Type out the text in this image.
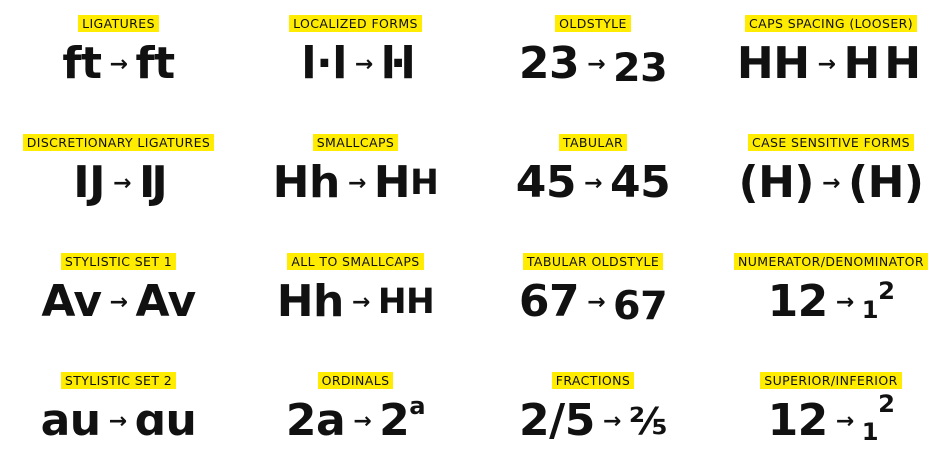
LIGATURES
ft → ft
LOCALIZED FORMS
l·l → l·l
OLDSTYLE
23 → 23
CAPS SPACING (LOOSER)
HH → HH
DISCRETIONARY LIGATURES
IJ → IJ
SMALLCAPS
Hh → H H
TABULAR
45 → 45
CASE SENSITIVE FORMS
(H) → (H)
STYLISTIC SET 1
Av → Av
ALL TO SMALLCAPS
Hh → HH
TABULAR OLDSTYLE
67 → 67
NUMERATOR/DENOMINATOR
12 → 1
2
STYLISTIC SET 2
au → ɑu
ORDINALS
2a → 2 a
FRACTIONS
2/5 → ⅖
SUPERIOR/INFERIOR
12 → 1
2
